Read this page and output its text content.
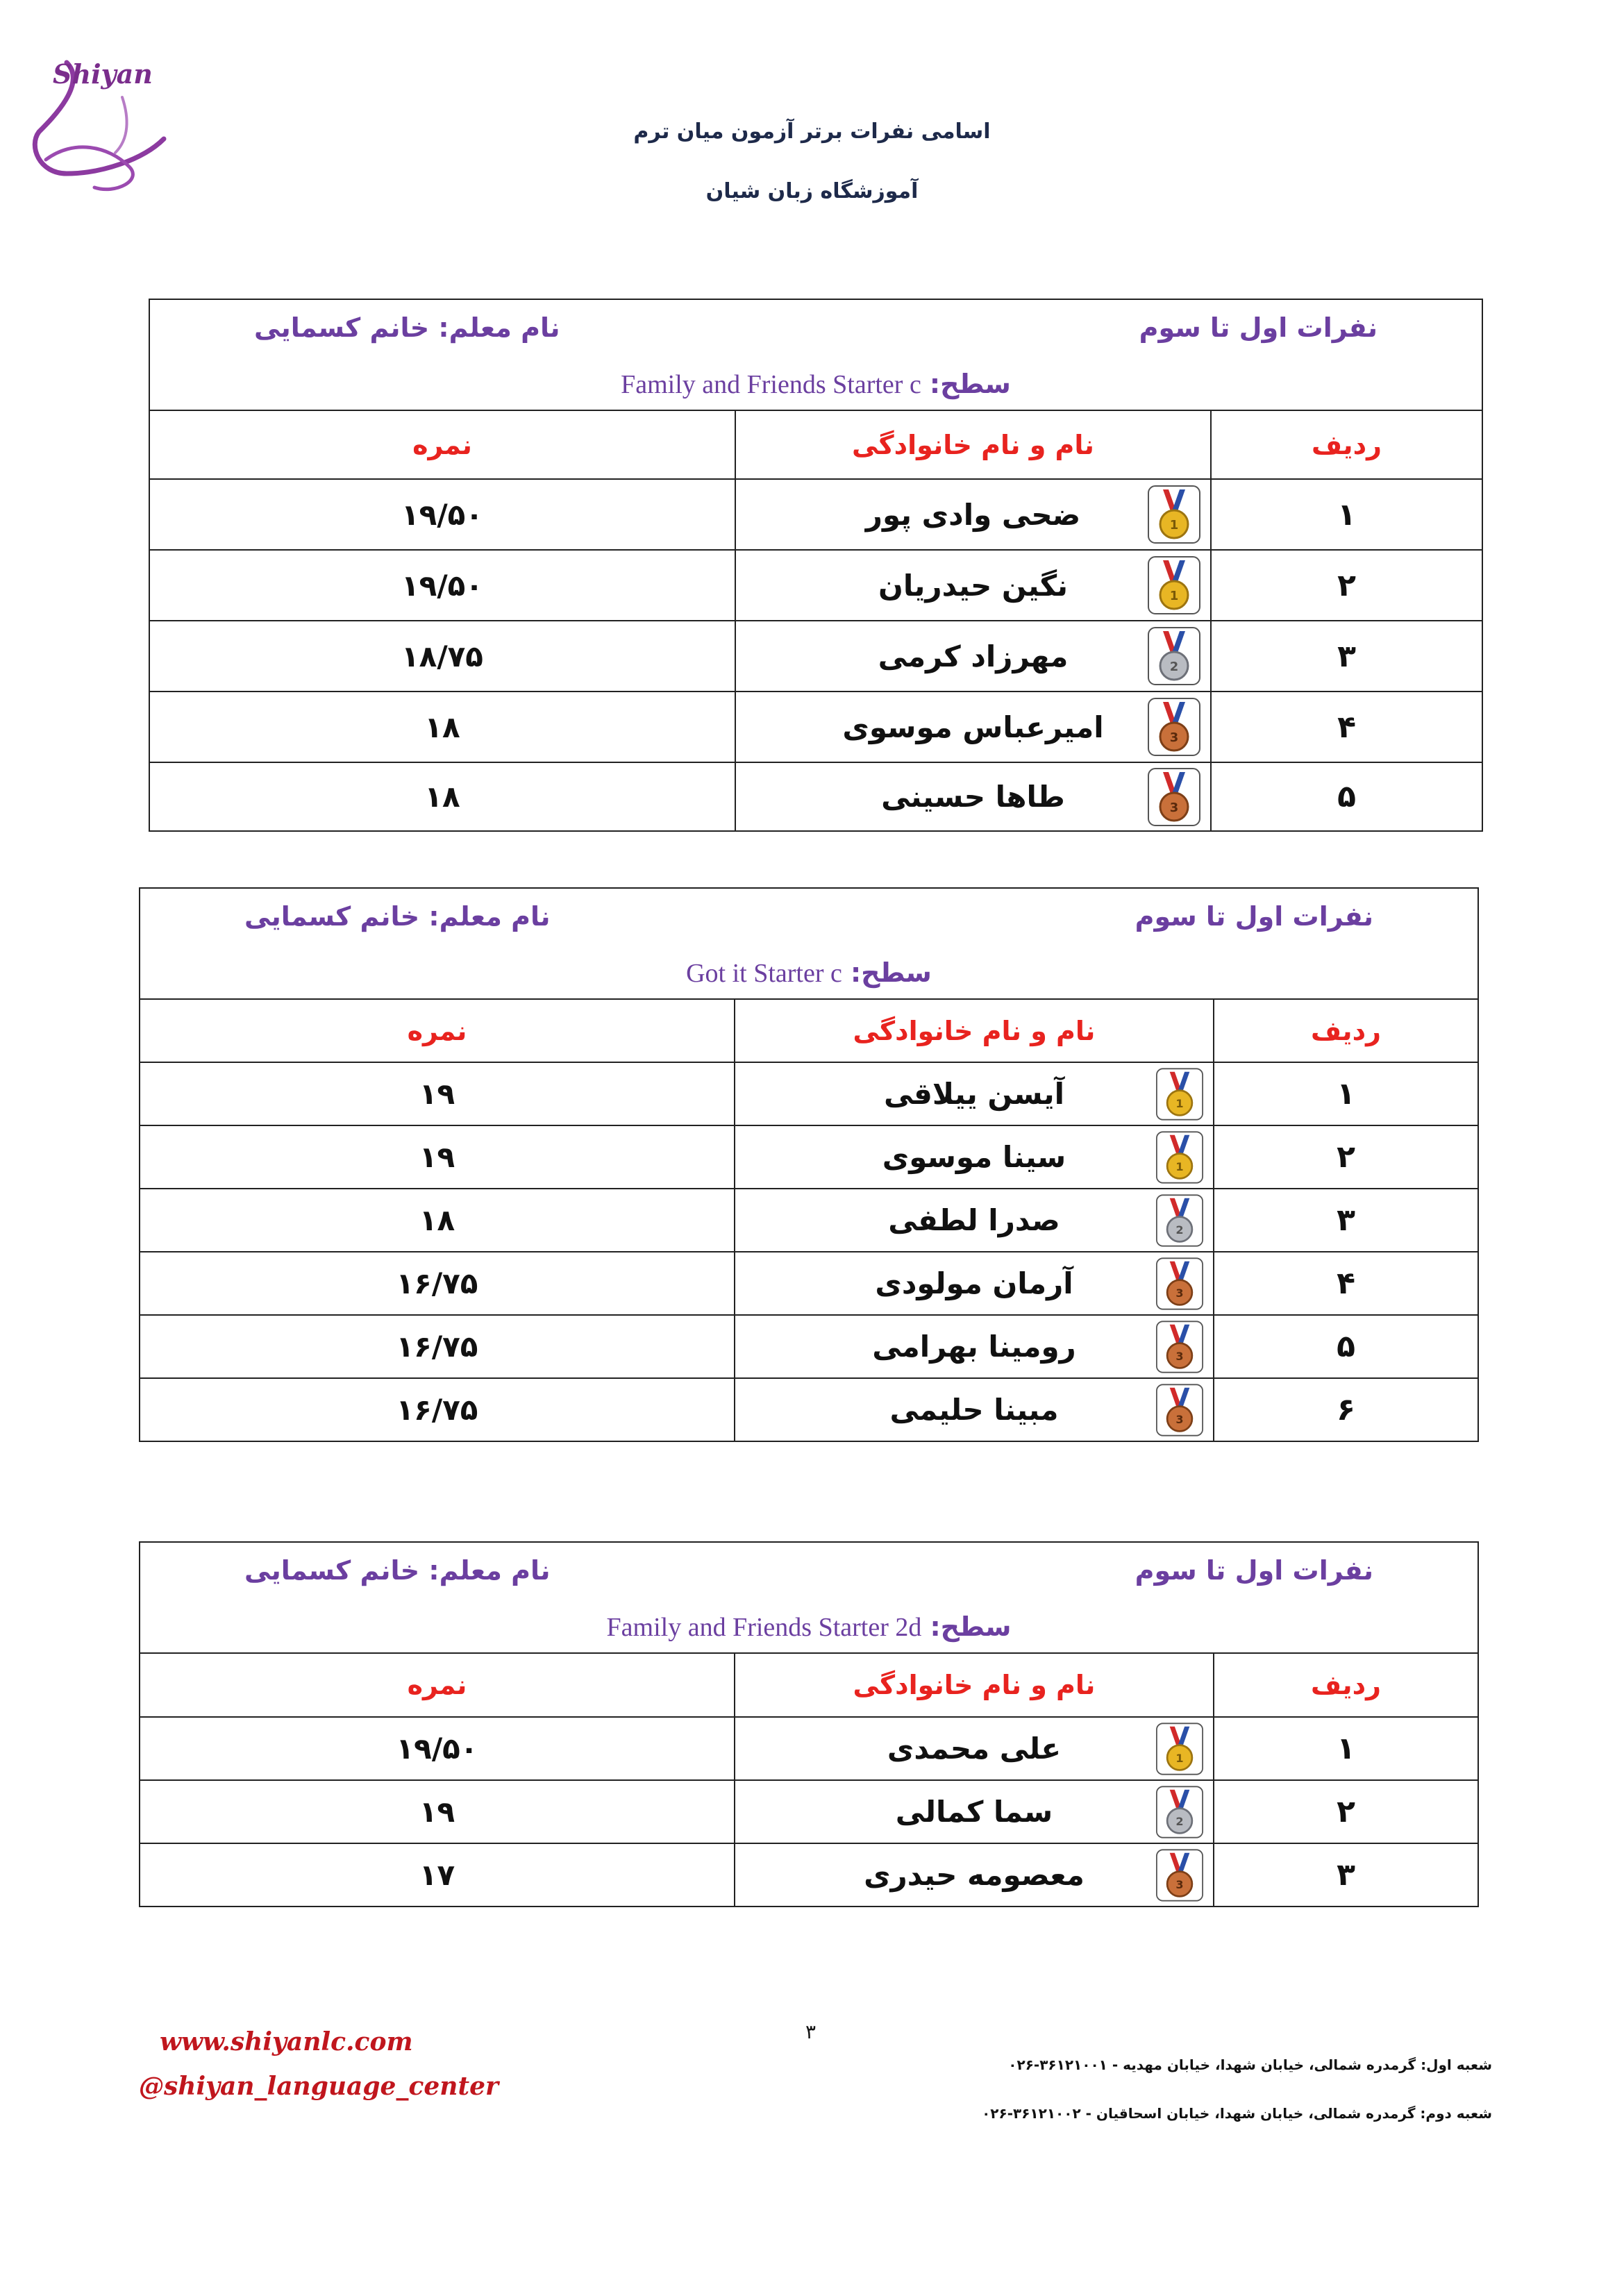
Shiyan
اسامی نفرات برتر آزمون میان ترم
آموزشگاه زبان شیان
نفرات اول تا سوم
نام معلم: خانم کسمایی
سطح: Family and Friends Starter c
ردیف	نام و نام خانوادگی	نمره
۱	ضحی وادی پور 1	۱۹/۵۰
۲	نگین حیدریان 1	۱۹/۵۰
۳	مهرزاد کرمی 2	۱۸/۷۵
۴	امیرعباس موسوی 3	۱۸
۵	طاها حسینی 3	۱۸
نفرات اول تا سوم
نام معلم: خانم کسمایی
سطح: Got it Starter c
ردیف	نام و نام خانوادگی	نمره
۱	آیسن ییلاقی 1	۱۹
۲	سینا موسوی 1	۱۹
۳	صدرا لطفی 2	۱۸
۴	آرمان مولودی 3	۱۶/۷۵
۵	رومینا بهرامی 3	۱۶/۷۵
۶	مبینا حلیمی 3	۱۶/۷۵
نفرات اول تا سوم
نام معلم: خانم کسمایی
سطح: Family and Friends Starter 2d
ردیف	نام و نام خانوادگی	نمره
۱	علی محمدی 1	۱۹/۵۰
۲	سما کمالی 2	۱۹
۳	معصومه حیدری 3	۱۷
۳
www.shiyanlc.com
@shiyan_language_center
شعبه اول: گرمدره شمالی، خیابان شهدا، خیابان مهدیه - ۳۶۱۲۱۰۰۱-۰۲۶
شعبه دوم: گرمدره شمالی، خیابان شهدا، خیابان اسحاقیان - ۳۶۱۲۱۰۰۲-۰۲۶
